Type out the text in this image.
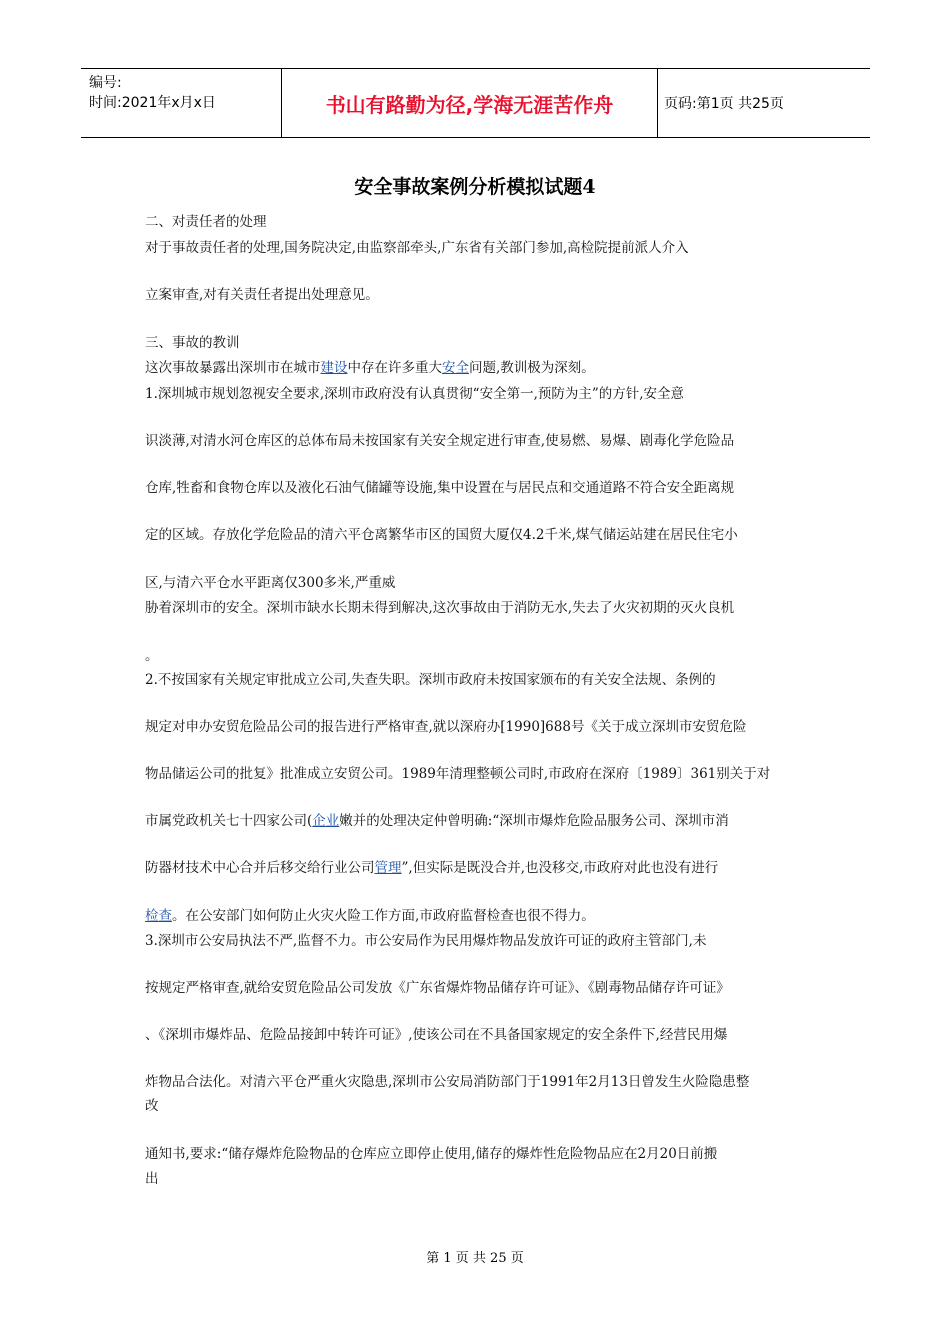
编号:
时间:2021年x月x日	书山有路勤为径,学海无涯苦作舟	页码:第1页 共25页
安全事故案例分析模拟试题4
二、对责任者的处理
对于事故责任者的处理,国务院决定,由监察部牵头,广东省有关部门参加,高检院提前派人介入
立案审查,对有关责任者提出处理意见。
三、事故的教训
这次事故暴露出深圳市在城市建设中存在许多重大安全问题,教训极为深刻。
1.深圳城市规划忽视安全要求,深圳市政府没有认真贯彻“安全第一,预防为主”的方针,安全意
识淡薄,对清水河仓库区的总体布局未按国家有关安全规定进行审查,使易燃、易爆、剧毒化学危险品
仓库,牲畜和食物仓库以及液化石油气储罐等设施,集中设置在与居民点和交通道路不符合安全距离规
定的区域。存放化学危险品的清六平仓离繁华市区的国贸大厦仅4.2千米,煤气储运站建在居民住宅小
区,与清六平仓水平距离仅300多米,严重威
胁着深圳市的安全。深圳市缺水长期未得到解决,这次事故由于消防无水,失去了火灾初期的灭火良机
。
2.不按国家有关规定审批成立公司,失查失职。深圳市政府未按国家颁布的有关安全法规、条例的
规定对申办安贸危险品公司的报告进行严格审查,就以深府办[1990]688号《关于成立深圳市安贸危险
物品储运公司的批复》批准成立安贸公司。1989年清理整顿公司时,市政府在深府〔1989〕361别关于对
市属党政机关七十四家公司(企业嫩并的处理决定仲曾明确:“深圳市爆炸危险品服务公司、深圳市消
防器材技术中心合并后移交给行业公司管理”,但实际是既没合并,也没移交,市政府对此也没有进行
检查。在公安部门如何防止火灾火险工作方面,市政府监督检查也很不得力。
3.深圳市公安局执法不严,监督不力。市公安局作为民用爆炸物品发放许可证的政府主管部门,未
按规定严格审查,就给安贸危险品公司发放《广东省爆炸物品储存许可证》、《剧毒物品储存许可证》
、《深圳市爆炸品、危险品接卸中转许可证》,使该公司在不具备国家规定的安全条件下,经营民用爆
炸物品合法化。对清六平仓严重火灾隐患,深圳市公安局消防部门于1991年2月13日曾发生火险隐患整
改
通知书,要求:“储存爆炸危险物品的仓库应立即停止使用,储存的爆炸性危险物品应在2月20日前搬
出
第 1 页 共 25 页
